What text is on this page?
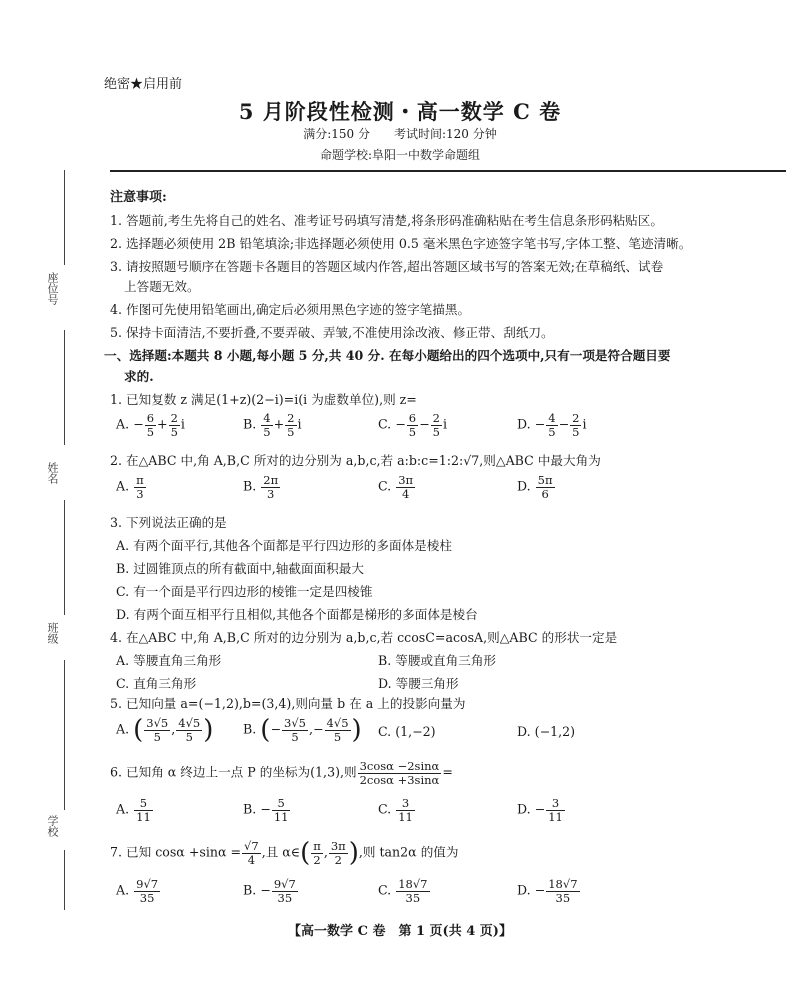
绝密★启用前
5 月阶段性检测・高一数学 C 卷
满分:150 分　　考试时间:120 分钟
命题学校:阜阳一中数学命题组
座位号
姓名
班级
学校
注意事项:
1. 答题前,考生先将自己的姓名、准考证号码填写清楚,将条形码准确粘贴在考生信息条形码粘贴区。
2. 选择题必须使用 2B 铅笔填涂;非选择题必须使用 0.5 毫米黑色字迹签字笔书写,字体工整、笔迹清晰。
3. 请按照题号顺序在答题卡各题目的答题区域内作答,超出答题区域书写的答案无效;在草稿纸、试卷
上答题无效。
4. 作图可先使用铅笔画出,确定后必须用黑色字迹的签字笔描黑。
5. 保持卡面清洁,不要折叠,不要弄破、弄皱,不准使用涂改液、修正带、刮纸刀。
一、选择题:本题共 8 小题,每小题 5 分,共 40 分. 在每小题给出的四个选项中,只有一项是符合题目要
求的.
1. 已知复数 z 满足(1+z)(2−i)=i(i 为虚数单位),则 z=
A. − $\frac{6}{5} + \frac{2}{5}$ i	B. $\frac{4}{5} + \frac{2}{5}$ i	C. − $\frac{6}{5} - \frac{2}{5}$ i	D. − $\frac{4}{5} - \frac{2}{5}$ i
2. 在△ABC 中,角 A,B,C 所对的边分别为 a,b,c,若 a:b:c=1:2:√7,则△ABC 中最大角为
A. $\frac{\pi}{3}$	B. $\frac{2\pi}{3}$	C. $\frac{3\pi}{4}$	D. $\frac{5\pi}{6}$
3. 下列说法正确的是
A. 有两个面平行,其他各个面都是平行四边形的多面体是棱柱
B. 过圆锥顶点的所有截面中,轴截面面积最大
C. 有一个面是平行四边形的棱锥一定是四棱锥
D. 有两个面互相平行且相似,其他各个面都是梯形的多面体是棱台
4. 在△ABC 中,角 A,B,C 所对的边分别为 a,b,c,若 ccosC=acosA,则△ABC 的形状一定是
A. 等腰直角三角形	B. 等腰或直角三角形
C. 直角三角形	D. 等腰三角形
5. 已知向量 a=(−1,2),b=(3,4),则向量 b 在 a 上的投影向量为
A. ( $\frac{3√5}{5}$ , $\frac{4√5}{5}$ ) B. (− $\frac{3√5}{5}$ ,− $\frac{4√5}{5}$ ) C. (1,−2)	D. (−1,2)
6. 已知角 α 终边上一点 P 的坐标为(1,3),则 $\frac{3\cos\alpha -2\sin\alpha}{2\cos\alpha +3\sin\alpha}$ =
A. $\frac{5}{11}$	B. − $\frac{5}{11}$	C. $\frac{3}{11}$	D. − $\frac{3}{11}$
7. 已知 $\cos\alpha +\sin\alpha = \frac{√7}{4}$ ,且 α∈( $\frac{\pi}{2}$ , $\frac{3\pi}{2}$ ),则 tan2α 的值为
A. $\frac{9√7}{35}$	B. − $\frac{9√7}{35}$	C. $\frac{18√7}{35}$	D. − $\frac{18√7}{35}$
【高一数学 C 卷　第 1 页(共 4 页)】
